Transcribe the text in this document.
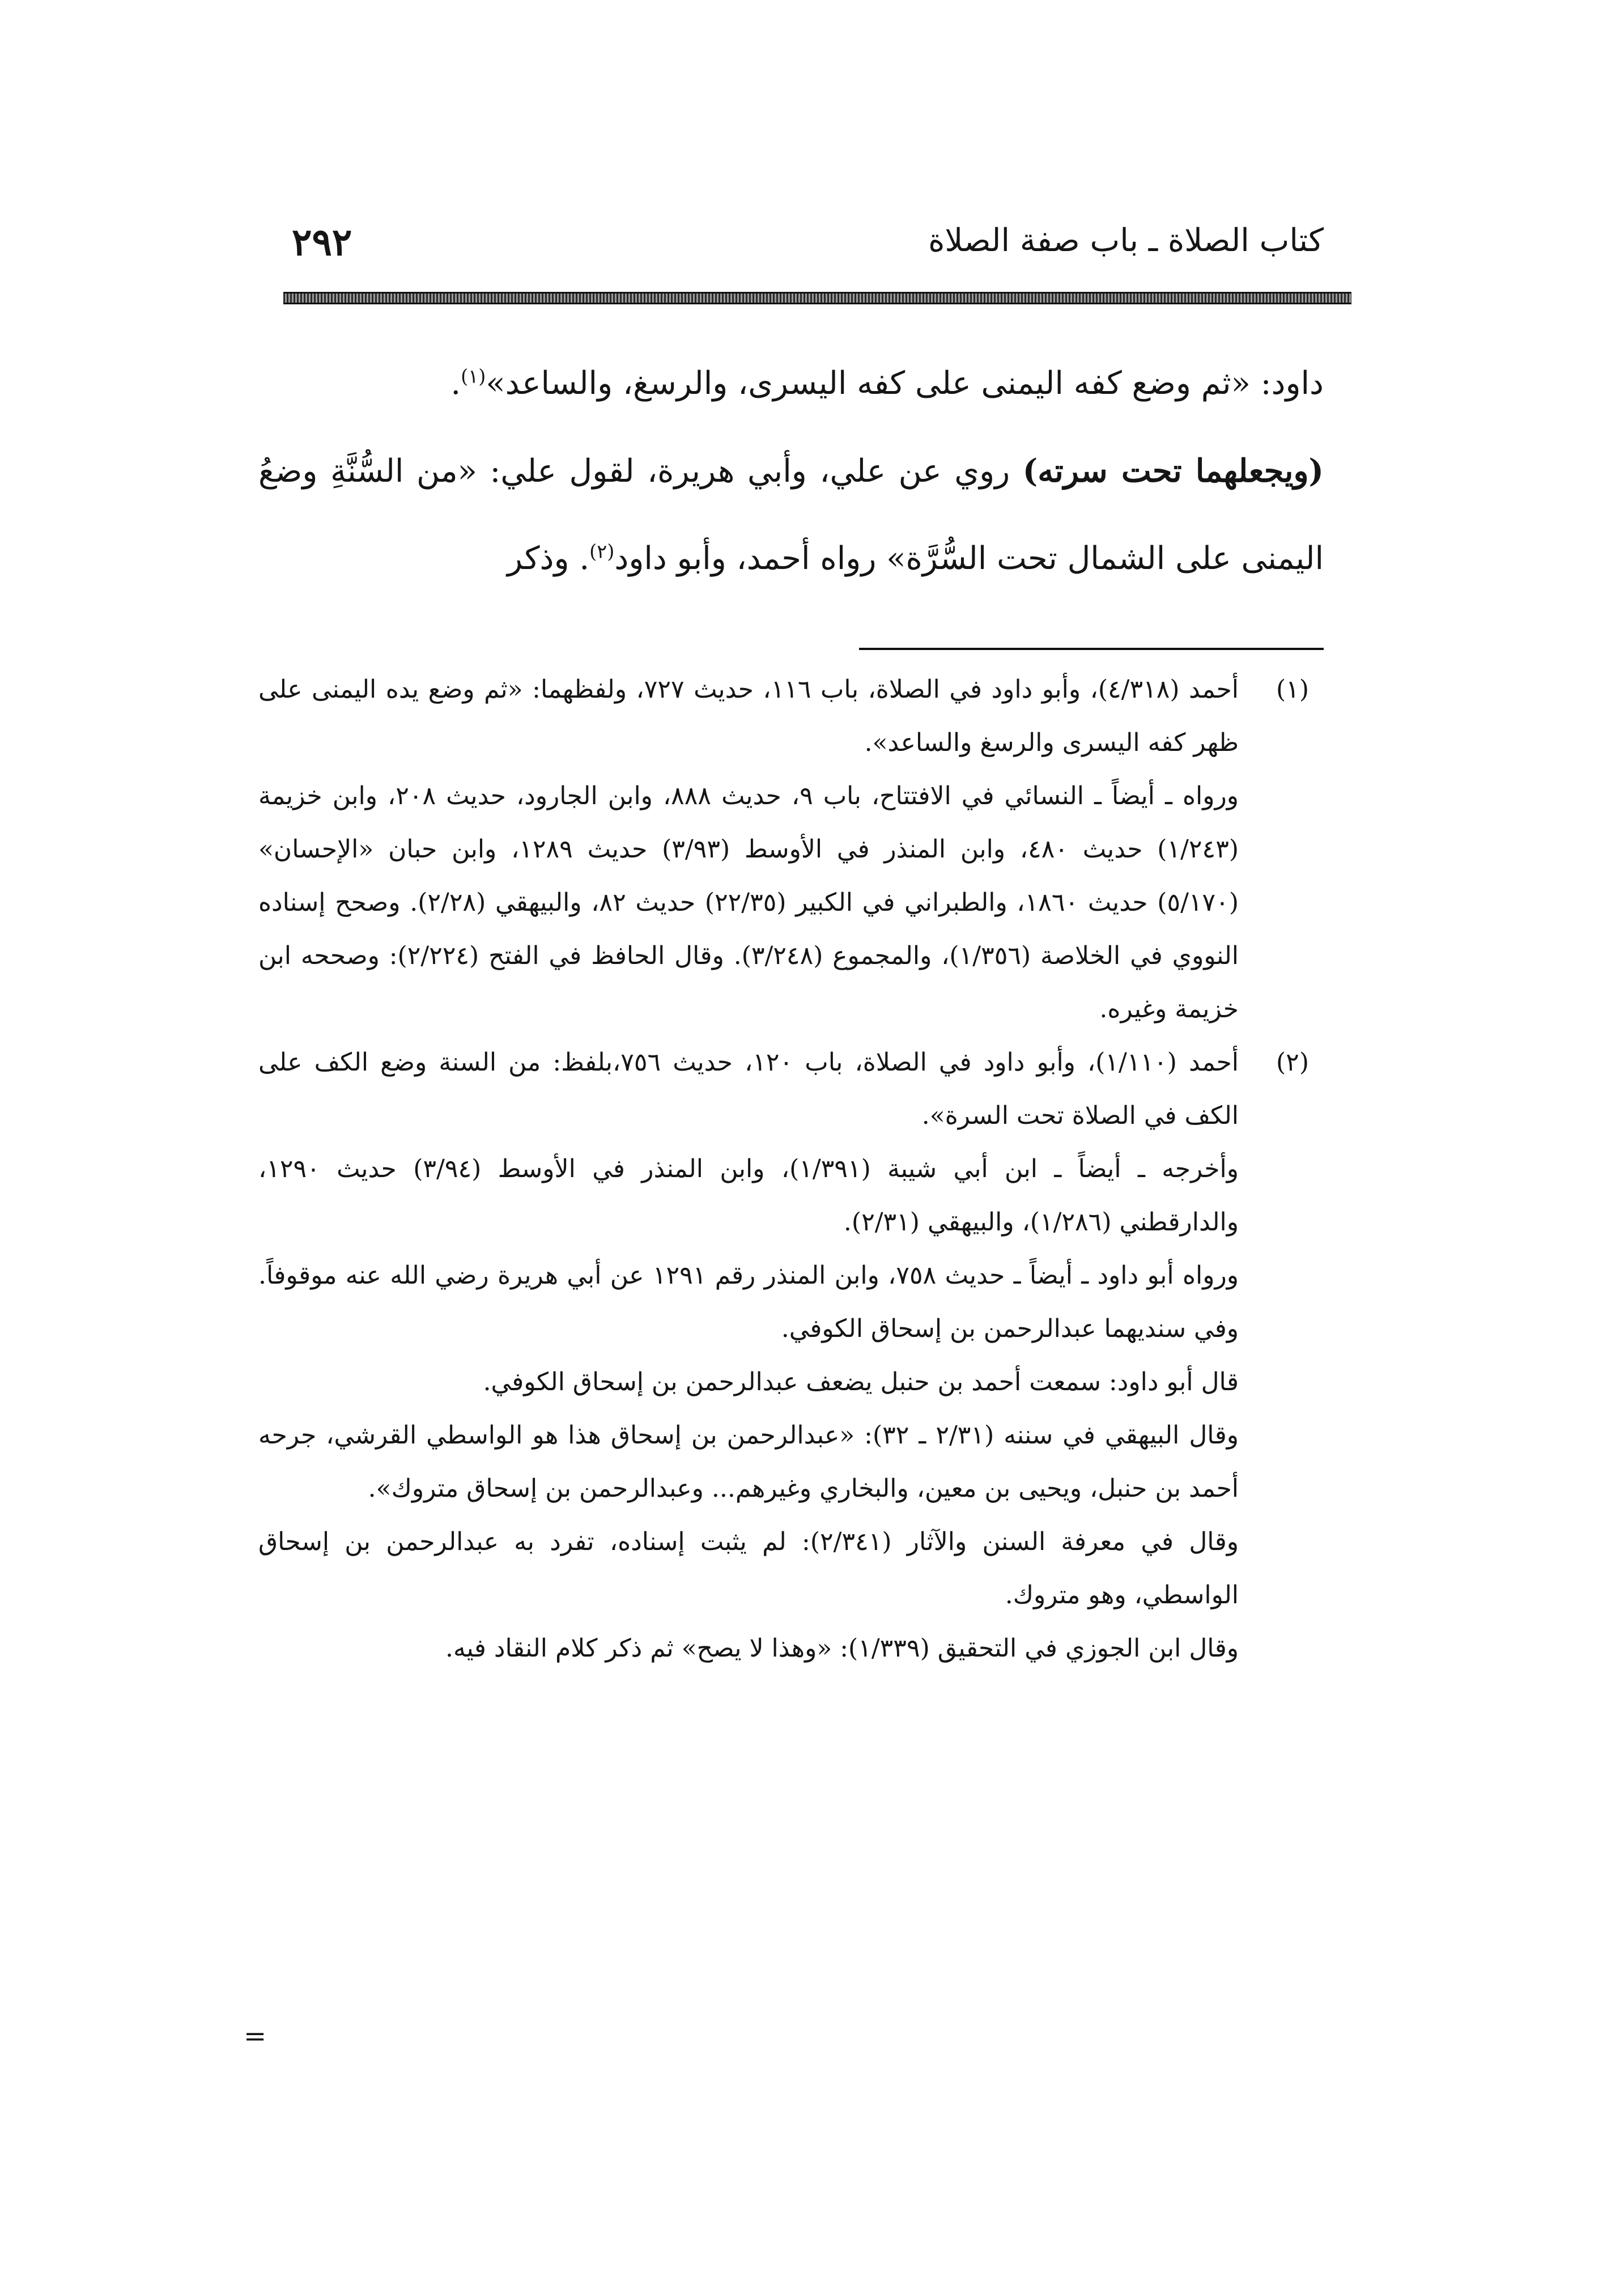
كتاب الصلاة ـ باب صفة الصلاة
٢٩٢

داود: «ثم وضع كفه اليمنى على كفه اليسرى، والرسغ، والساعد»$^{(١)}$.

(ويجعلهما تحت سرته) روي عن علي، وأبي هريرة، لقول علي: «من السُّنَّةِ وضعُ اليمنى على الشمال تحت السُّرَّة» رواه أحمد، وأبو داود$^{(٢)}$. وذكر

(١)

أحمد (٤/٣١٨)، وأبو داود في الصلاة، باب ١١٦، حديث ٧٢٧، ولفظهما: «ثم وضع يده اليمنى على ظهر كفه اليسرى والرسغ والساعد».

ورواه ـ أيضاً ـ النسائي في الافتتاح، باب ٩، حديث ٨٨٨، وابن الجارود، حديث ٢٠٨، وابن خزيمة (١/٢٤٣) حديث ٤٨٠، وابن المنذر في الأوسط (٣/٩٣) حديث ١٢٨٩، وابن حبان «الإحسان» (٥/١٧٠) حديث ١٨٦٠، والطبراني في الكبير (٢٢/٣٥) حديث ٨٢، والبيهقي (٢/٢٨). وصحح إسناده النووي في الخلاصة (١/٣٥٦)، والمجموع (٣/٢٤٨). وقال الحافظ في الفتح (٢/٢٢٤): وصححه ابن خزيمة وغيره.

(٢)

أحمد (١/١١٠)، وأبو داود في الصلاة، باب ١٢٠، حديث ٧٥٦،بلفظ: من السنة وضع الكف على الكف في الصلاة تحت السرة».

وأخرجه ـ أيضاً ـ ابن أبي شيبة (١/٣٩١)، وابن المنذر في الأوسط (٣/٩٤) حديث ١٢٩٠، والدارقطني (١/٢٨٦)، والبيهقي (٢/٣١).

ورواه أبو داود ـ أيضاً ـ حديث ٧٥٨، وابن المنذر رقم ١٢٩١ عن أبي هريرة رضي الله عنه موقوفاً. وفي سنديهما عبدالرحمن بن إسحاق الكوفي.

قال أبو داود: سمعت أحمد بن حنبل يضعف عبدالرحمن بن إسحاق الكوفي.

وقال البيهقي في سننه (٢/٣١ ـ ٣٢): «عبدالرحمن بن إسحاق هذا هو الواسطي القرشي، جرحه أحمد بن حنبل، ويحيى بن معين، والبخاري وغيرهم... وعبدالرحمن بن إسحاق متروك».

وقال في معرفة السنن والآثار (٢/٣٤١): لم يثبت إسناده، تفرد به عبدالرحمن بن إسحاق الواسطي، وهو متروك.

وقال ابن الجوزي في التحقيق (١/٣٣٩): «وهذا لا يصح» ثم ذكر كلام النقاد فيه.

=
